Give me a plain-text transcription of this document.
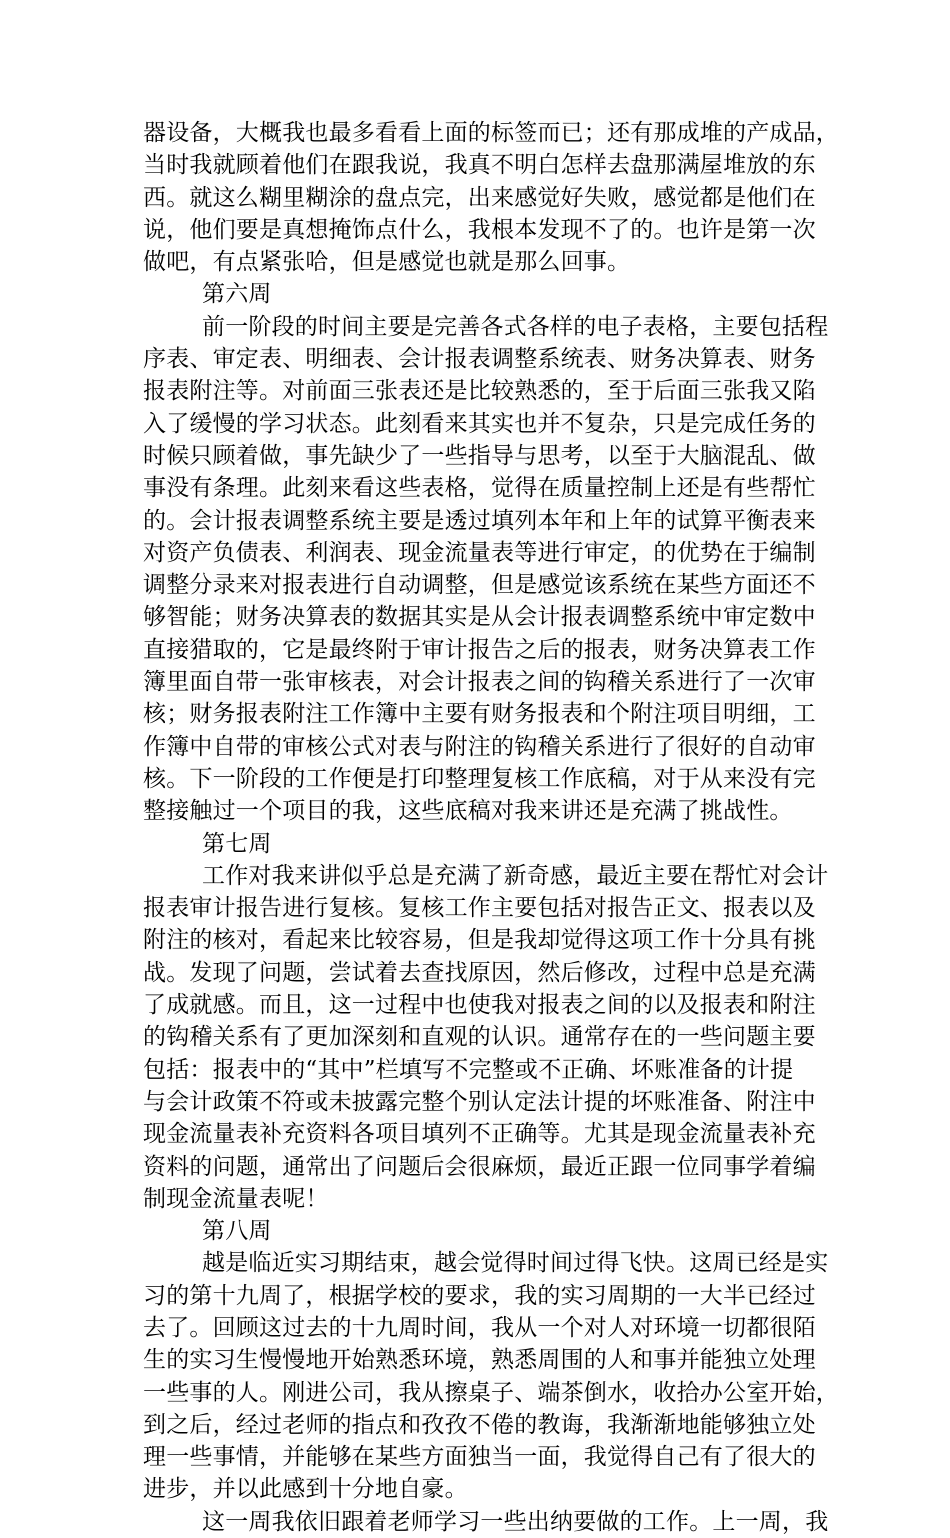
器设备，大概我也最多看看上面的标签而已；还有那成堆的产成品，
当时我就顾着他们在跟我说，我真不明白怎样去盘那满屋堆放的东
西。就这么糊里糊涂的盘点完，出来感觉好失败，感觉都是他们在
说，他们要是真想掩饰点什么，我根本发现不了的。也许是第一次
做吧，有点紧张哈，但是感觉也就是那么回事。
第六周
前一阶段的时间主要是完善各式各样的电子表格，主要包括程
序表、审定表、明细表、会计报表调整系统表、财务决算表、财务
报表附注等。对前面三张表还是比较熟悉的，至于后面三张我又陷
入了缓慢的学习状态。此刻看来其实也并不复杂，只是完成任务的
时候只顾着做，事先缺少了一些指导与思考，以至于大脑混乱、做
事没有条理。此刻来看这些表格，觉得在质量控制上还是有些帮忙
的。会计报表调整系统主要是透过填列本年和上年的试算平衡表来
对资产负债表、利润表、现金流量表等进行审定，的优势在于编制
调整分录来对报表进行自动调整，但是感觉该系统在某些方面还不
够智能；财务决算表的数据其实是从会计报表调整系统中审定数中
直接猎取的，它是最终附于审计报告之后的报表，财务决算表工作
簿里面自带一张审核表，对会计报表之间的钩稽关系进行了一次审
核；财务报表附注工作簿中主要有财务报表和个附注项目明细，工
作簿中自带的审核公式对表与附注的钩稽关系进行了很好的自动审
核。下一阶段的工作便是打印整理复核工作底稿，对于从来没有完
整接触过一个项目的我，这些底稿对我来讲还是充满了挑战性。
第七周
工作对我来讲似乎总是充满了新奇感，最近主要在帮忙对会计
报表审计报告进行复核。复核工作主要包括对报告正文、报表以及
附注的核对，看起来比较容易，但是我却觉得这项工作十分具有挑
战。发现了问题，尝试着去查找原因，然后修改，过程中总是充满
了成就感。而且，这一过程中也使我对报表之间的以及报表和附注
的钩稽关系有了更加深刻和直观的认识。通常存在的一些问题主要
包括：报表中的“其中”栏填写不完整或不正确、坏账准备的计提
与会计政策不符或未披露完整个别认定法计提的坏账准备、附注中
现金流量表补充资料各项目填列不正确等。尤其是现金流量表补充
资料的问题，通常出了问题后会很麻烦，最近正跟一位同事学着编
制现金流量表呢！
第八周
越是临近实习期结束，越会觉得时间过得飞快。这周已经是实
习的第十九周了，根据学校的要求，我的实习周期的一大半已经过
去了。回顾这过去的十九周时间，我从一个对人对环境一切都很陌
生的实习生慢慢地开始熟悉环境，熟悉周围的人和事并能独立处理
一些事的人。刚进公司，我从擦桌子、端茶倒水，收拾办公室开始，
到之后，经过老师的指点和孜孜不倦的教诲，我渐渐地能够独立处
理一些事情，并能够在某些方面独当一面，我觉得自己有了很大的
进步，并以此感到十分地自豪。
这一周我依旧跟着老师学习一些出纳要做的工作。上一周，我
